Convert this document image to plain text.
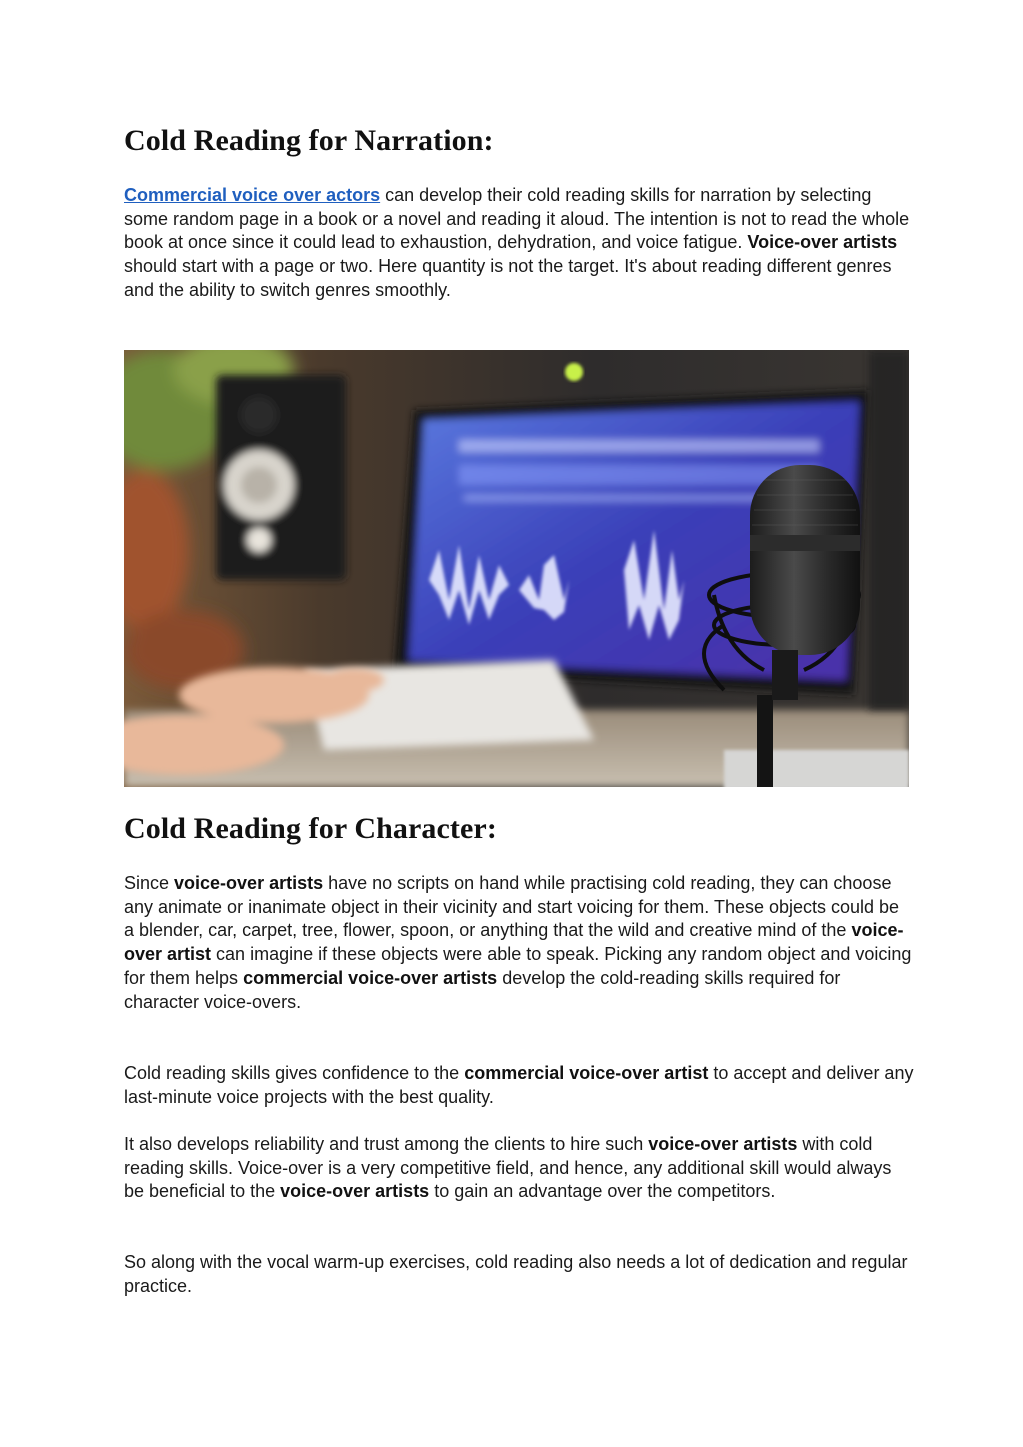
Cold Reading for Narration:

Commercial voice over actors can develop their cold reading skills for narration by selecting some random page in a book or a novel and reading it aloud. The intention is not to read the whole book at once since it could lead to exhaustion, dehydration, and voice fatigue. Voice-over artists should start with a page or two. Here quantity is not the target. It's about reading different genres and the ability to switch genres smoothly.

Cold Reading for Character:

Since voice-over artists have no scripts on hand while practising cold reading, they can choose any animate or inanimate object in their vicinity and start voicing for them. These objects could be a blender, car, carpet, tree, flower, spoon, or anything that the wild and creative mind of the voice-over artist can imagine if these objects were able to speak. Picking any random object and voicing for them helps commercial voice-over artists develop the cold-reading skills required for character voice-overs.

Cold reading skills gives confidence to the commercial voice-over artist to accept and deliver any last-minute voice projects with the best quality.

It also develops reliability and trust among the clients to hire such voice-over artists with cold reading skills. Voice-over is a very competitive field, and hence, any additional skill would always be beneficial to the voice-over artists to gain an advantage over the competitors.

So along with the vocal warm-up exercises, cold reading also needs a lot of dedication and regular practice.
